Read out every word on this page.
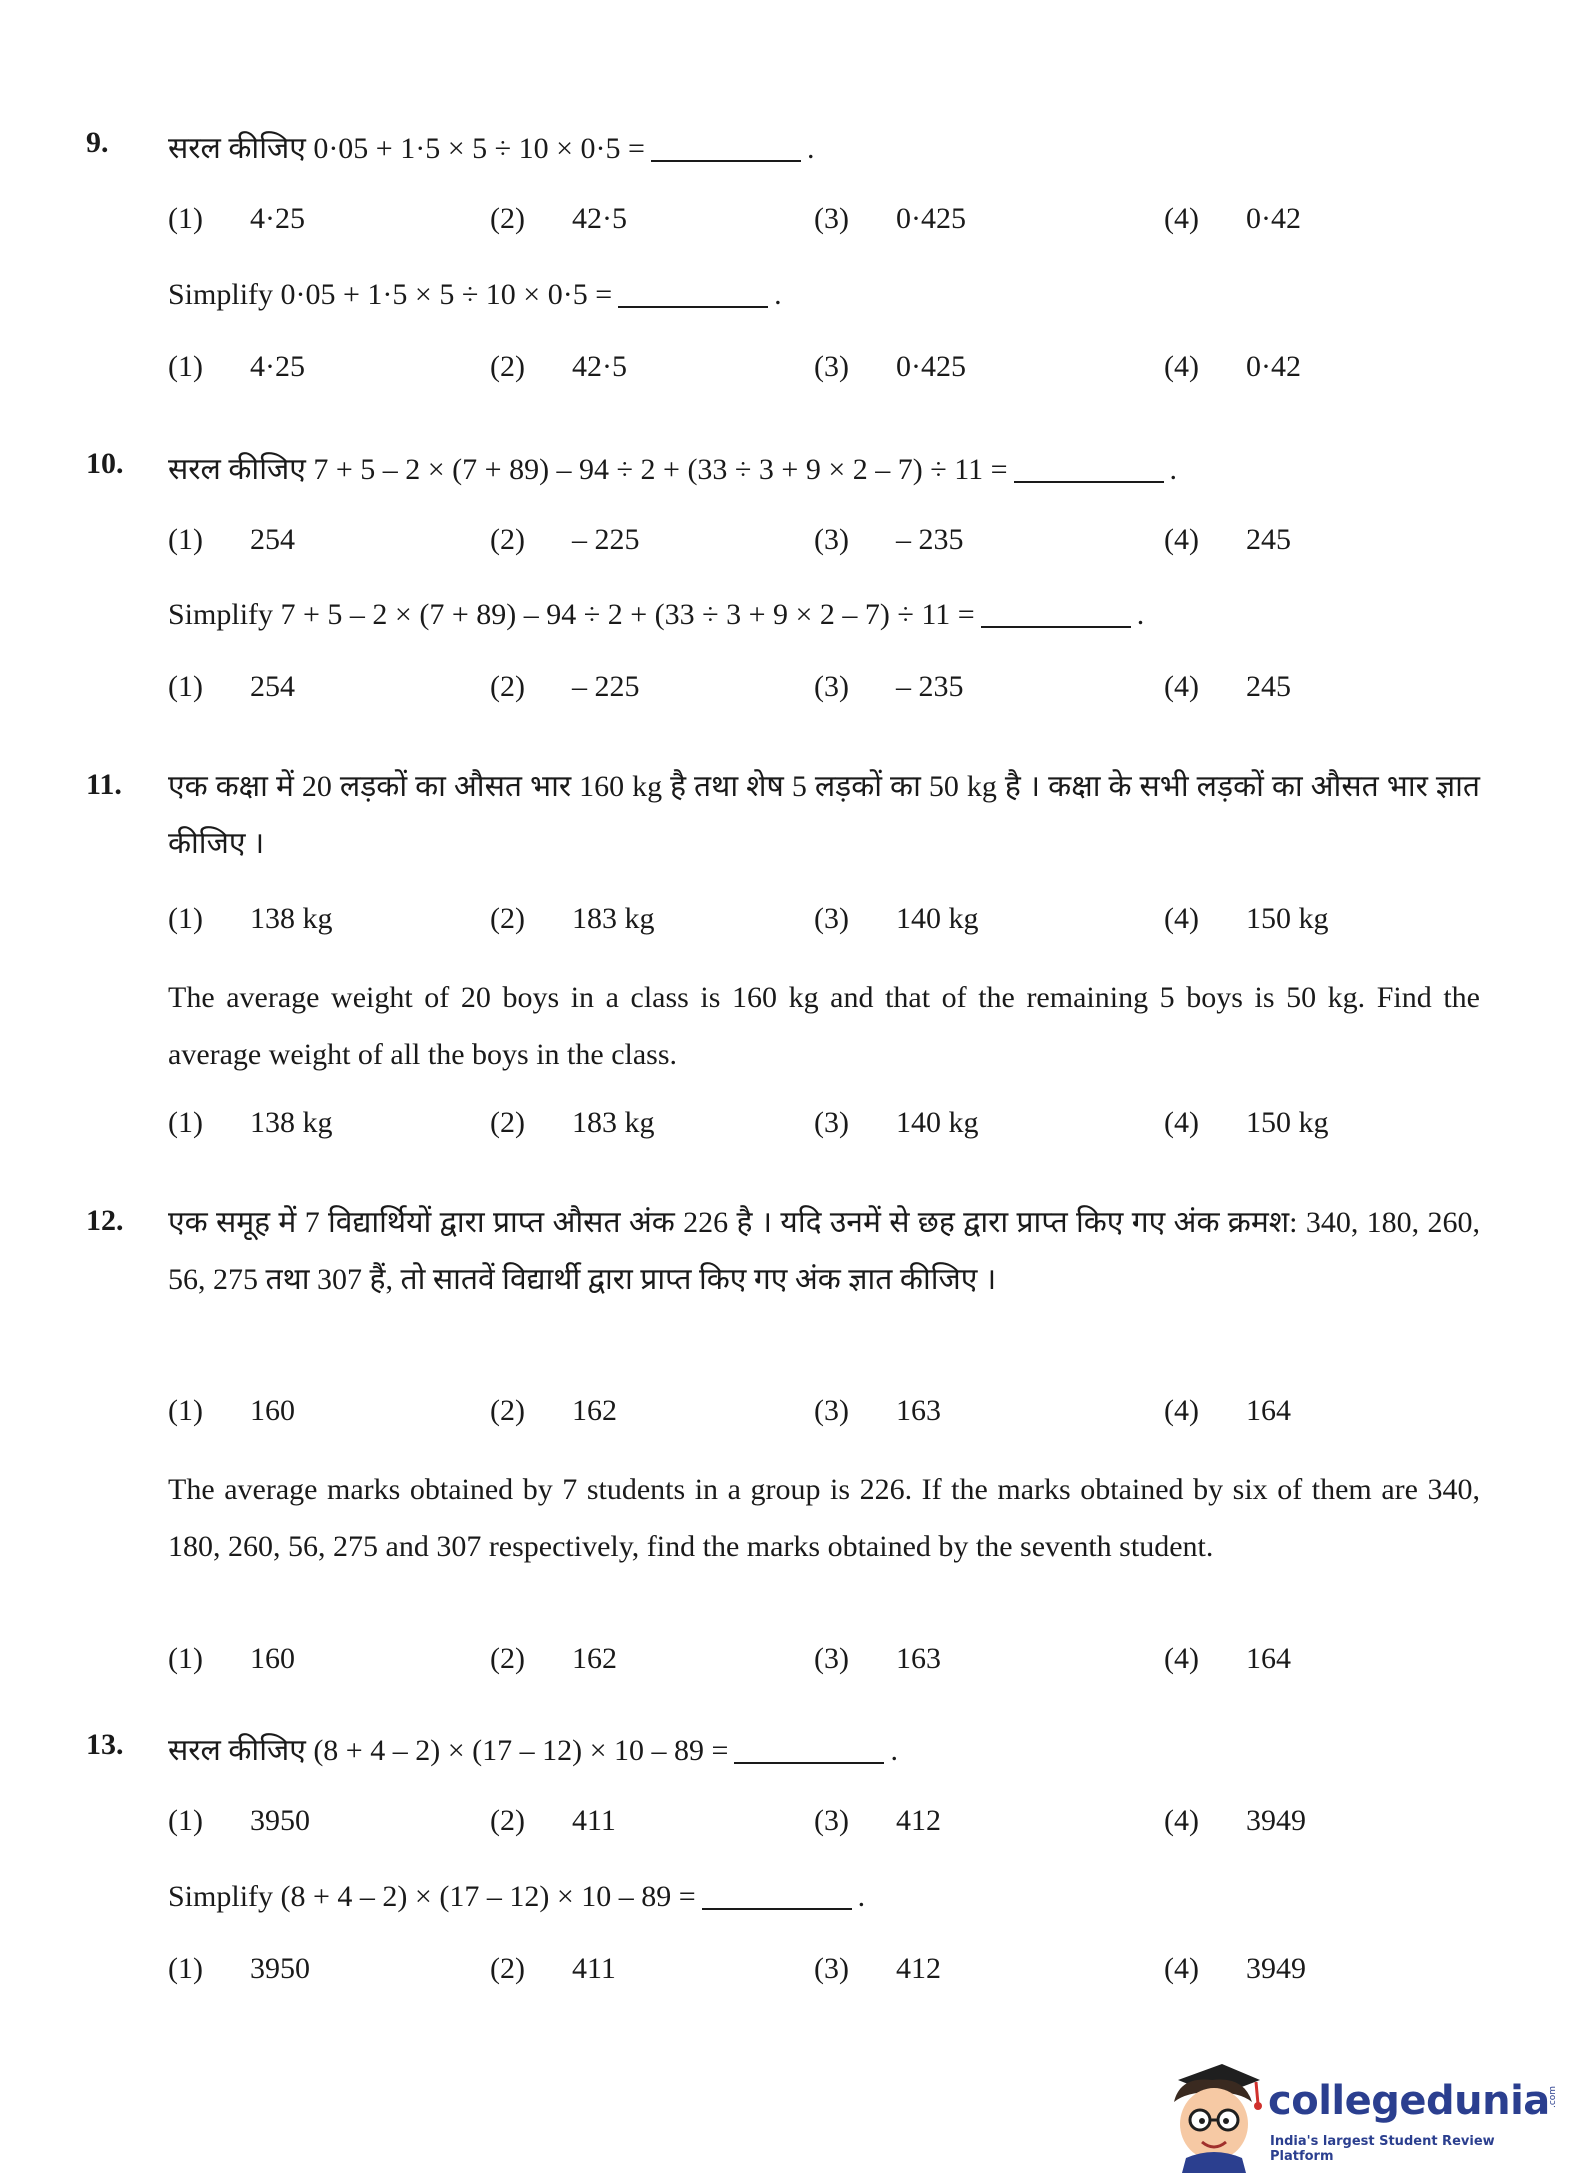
9. सरल कीजिए 0·05 + 1·5 × 5 ÷ 10 × 0·5 =	.
(1) 4·25	(2) 42·5	(3) 0·425	(4) 0·42
Simplify 0·05 + 1·5 × 5 ÷ 10 × 0·5 =	.
(1) 4·25	(2) 42·5	(3) 0·425	(4) 0·42
10. सरल कीजिए 7 + 5 – 2 × (7 + 89) – 94 ÷ 2 + (33 ÷ 3 + 9 × 2 – 7) ÷ 11 =	.
(1) 254	(2) – 225	(3) – 235	(4) 245
Simplify 7 + 5 – 2 × (7 + 89) – 94 ÷ 2 + (33 ÷ 3 + 9 × 2 – 7) ÷ 11 =	.
(1) 254	(2) – 225	(3) – 235	(4) 245
11. एक कक्षा में 20 लड़कों का औसत भार 160 kg है तथा शेष 5 लड़कों का 50 kg है । कक्षा के सभी लड़कों का औसत भार ज्ञात कीजिए ।
(1) 138 kg	(2) 183 kg	(3) 140 kg	(4) 150 kg
The average weight of 20 boys in a class is 160 kg and that of the remaining 5 boys is 50 kg. Find the average weight of all the boys in the class.
(1) 138 kg	(2) 183 kg	(3) 140 kg	(4) 150 kg
12. एक समूह में 7 विद्यार्थियों द्वारा प्राप्त औसत अंक 226 है । यदि उनमें से छह द्वारा प्राप्त किए गए अंक क्रमश: 340, 180, 260, 56, 275 तथा 307 हैं, तो सातवें विद्यार्थी द्वारा प्राप्त किए गए अंक ज्ञात कीजिए ।
(1) 160	(2) 162	(3) 163	(4) 164
The average marks obtained by 7 students in a group is 226. If the marks obtained by six of them are 340, 180, 260, 56, 275 and 307 respectively, find the marks obtained by the seventh student.
(1) 160	(2) 162	(3) 163	(4) 164
13. सरल कीजिए (8 + 4 – 2) × (17 – 12) × 10 – 89 =	.
(1) 3950	(2) 411	(3) 412	(4) 3949
Simplify (8 + 4 – 2) × (17 – 12) × 10 – 89 =	.
(1) 3950	(2) 411	(3) 412	(4) 3949
collegedunia
.com
India's largest Student Review Platform
